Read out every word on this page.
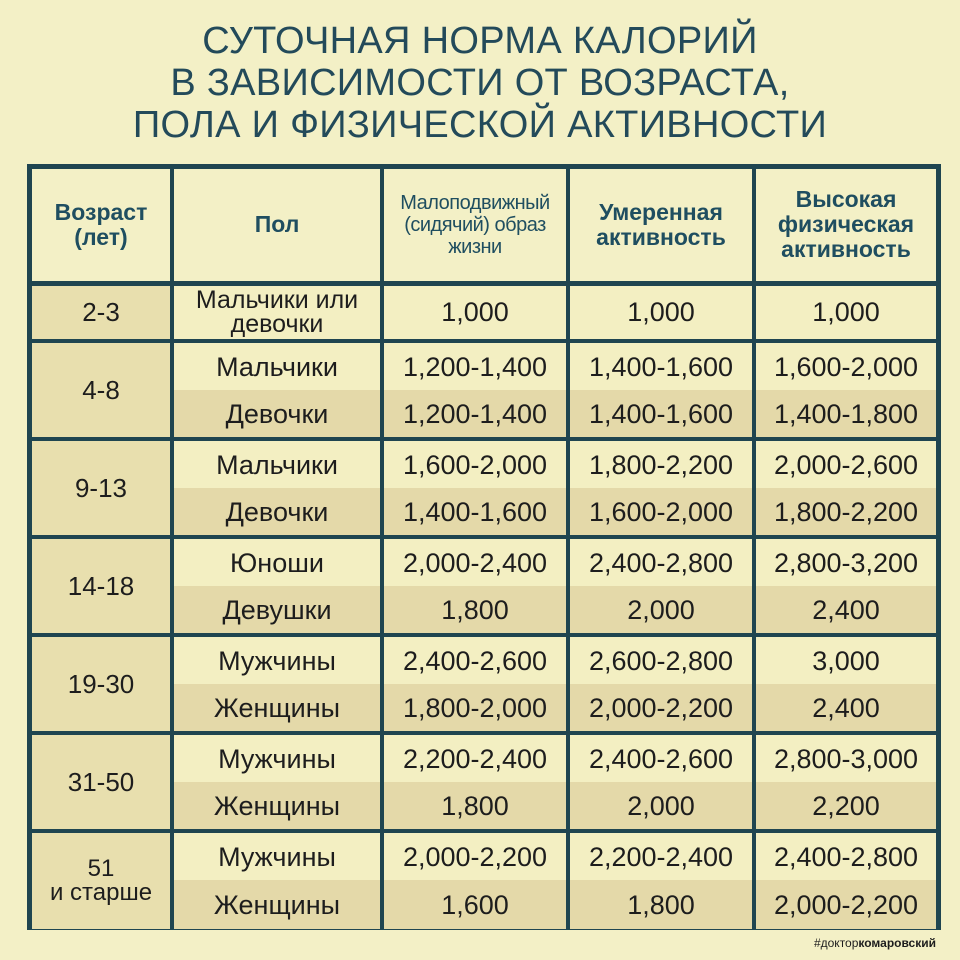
СУТОЧНАЯ НОРМА КАЛОРИЙ
В ЗАВИСИМОСТИ ОТ ВОЗРАСТА,
ПОЛА И ФИЗИЧЕСКОЙ АКТИВНОСТИ
Возраст (лет)	Пол	Малоподвижный (сидячий) образ жизни	Умеренная активность	Высокая физическая активность
2-3	Мальчики или девочки	1,000	1,000	1,000
4-8	Мальчики	1,200-1,400	1,400-1,600	1,600-2,000
	Девочки	1,200-1,400	1,400-1,600	1,400-1,800
9-13	Мальчики	1,600-2,000	1,800-2,200	2,000-2,600
	Девочки	1,400-1,600	1,600-2,000	1,800-2,200
14-18	Юноши	2,000-2,400	2,400-2,800	2,800-3,200
	Девушки	1,800	2,000	2,400
19-30	Мужчины	2,400-2,600	2,600-2,800	3,000
	Женщины	1,800-2,000	2,000-2,200	2,400
31-50	Мужчины	2,200-2,400	2,400-2,600	2,800-3,000
	Женщины	1,800	2,000	2,200
51
и старше	Мужчины	2,000-2,200	2,200-2,400	2,400-2,800
	Женщины	1,600	1,800	2,000-2,200
#докторкомаровский
